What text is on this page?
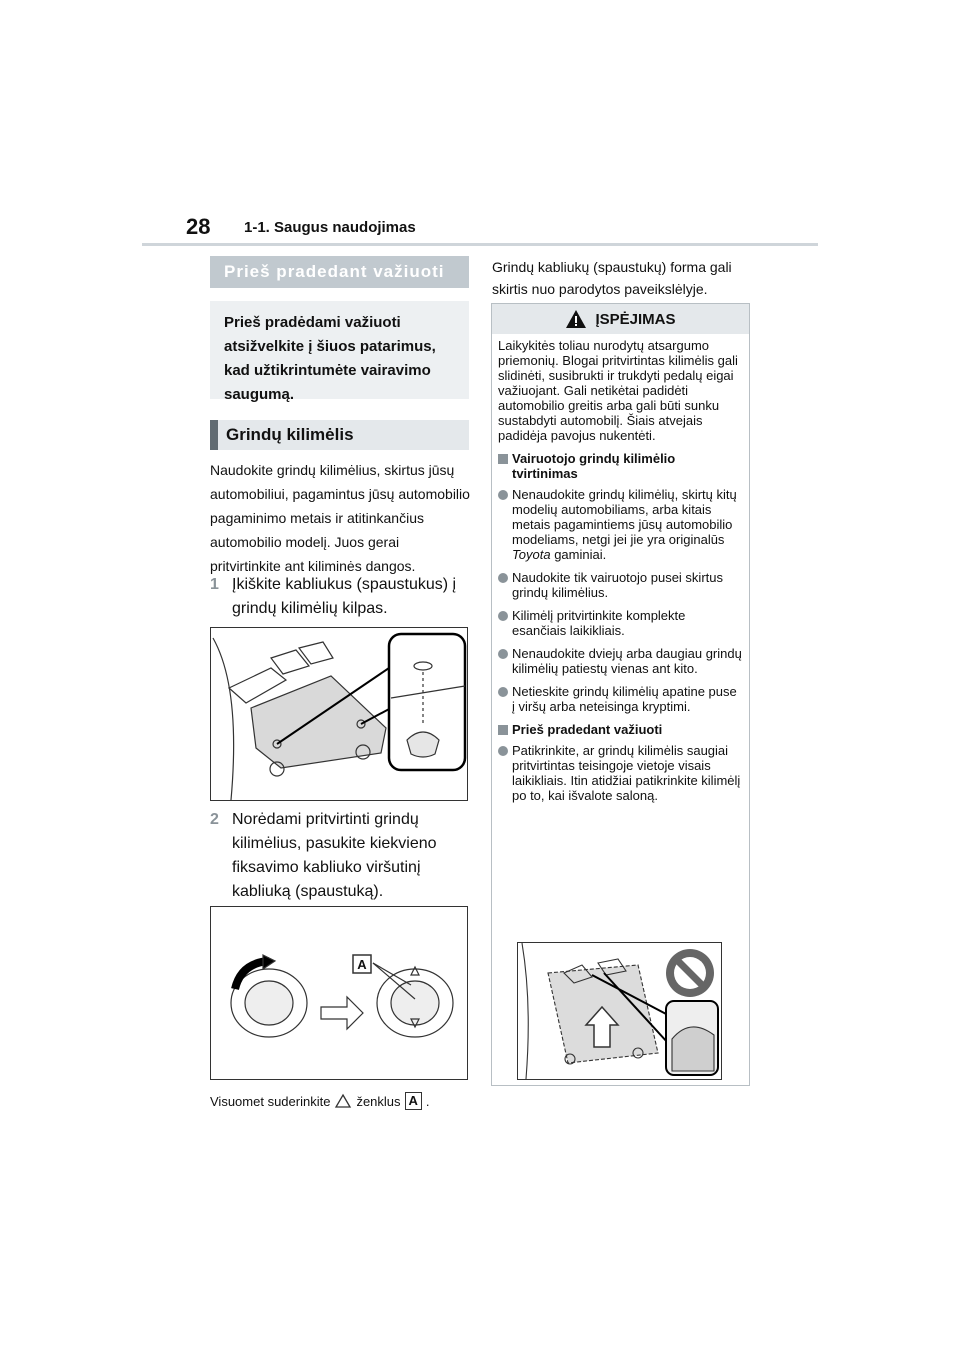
28 1-1. Saugus naudojimas
Prieš pradedant važiuoti
Prieš pradėdami važiuoti atsižvelkite į šiuos patarimus, kad užtikrintumėte vairavimo saugumą.
Grindų kilimėlis
Naudokite grindų kilimėlius, skirtus jūsų automobiliui, pagamintus jūsų automobilio pagaminimo metais ir atitinkančius automobilio modelį. Juos gerai pritvirtinkite ant kiliminės dangos.
1 Įkiškite kabliukus (spaustukus) į grindų kilimėlių kilpas.
2 Norėdami pritvirtinti grindų kilimėlius, pasukite kiekvieno fiksavimo kabliuko viršutinį kabliuką (spaustuką).
A
Visuomet suderinkite ženklus A .
Grindų kabliukų (spaustukų) forma gali skirtis nuo parodytos paveikslėlyje.
ĮSPĖJIMAS

Laikykitės toliau nurodytų atsargumo priemonių. Blogai pritvirtintas kilimėlis gali slidinėti, susibrukti ir trukdyti pedalų eigai važiuojant. Gali netikėtai padidėti automobilio greitis arba gali būti sunku sustabdyti automobilį. Šiais atvejais padidėja pavojus nukentėti.

Vairuotojo grindų kilimėlio tvirtinimas
Nenaudokite grindų kilimėlių, skirtų kitų modelių automobiliams, arba kitais metais pagamintiems jūsų automobilio modeliams, netgi jei jie yra originalūs Toyota gaminiai.
Naudokite tik vairuotojo pusei skirtus grindų kilimėlius.
Kilimėlį pritvirtinkite komplekte esančiais laikikliais.
Nenaudokite dviejų arba daugiau grindų kilimėlių patiestų vienas ant kito.
Netieskite grindų kilimėlių apatine puse į viršų arba neteisinga kryptimi.
Prieš pradedant važiuoti
Patikrinkite, ar grindų kilimėlis saugiai pritvirtintas teisingoje vietoje visais laikikliais. Itin atidžiai patikrinkite kilimėlį po to, kai išvalote saloną.
